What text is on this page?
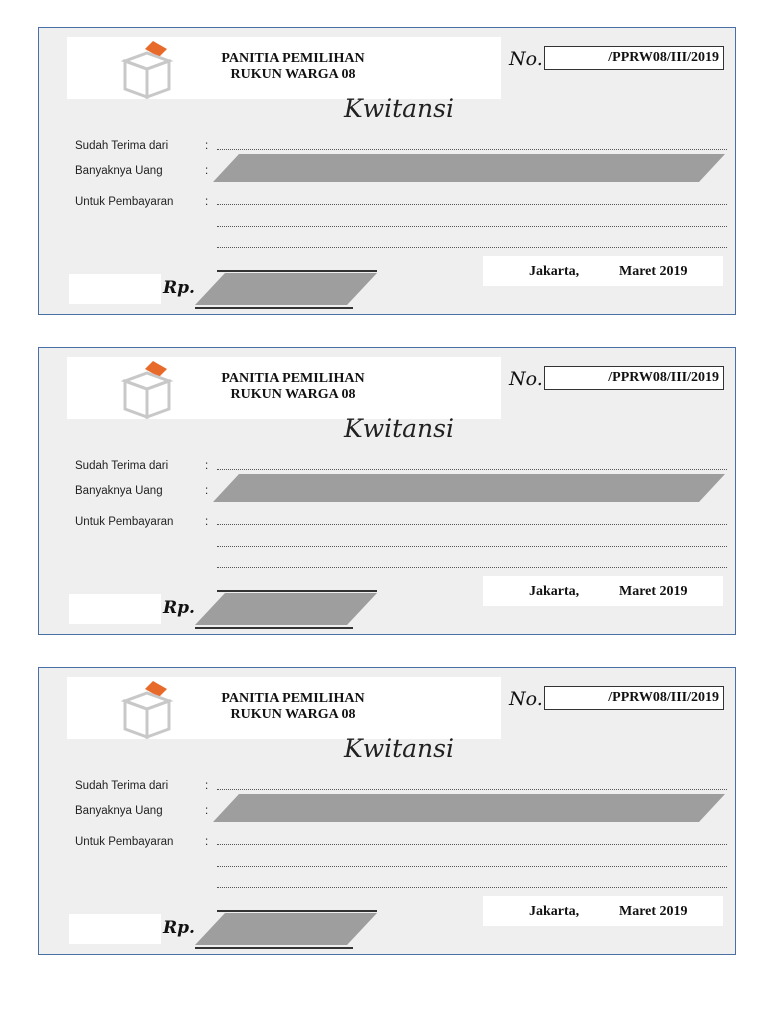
PANITIA PEMILIHAN
RUKUN WARGA 08
No.	/PPRW08/III/2019
Kwitansi
Sudah Terima dari	:
Banyaknya Uang	:
Untuk Pembayaran	:
Jakarta,	Maret 2019
Rp.
PANITIA PEMILIHAN
RUKUN WARGA 08
No.	/PPRW08/III/2019
Kwitansi
Sudah Terima dari	:
Banyaknya Uang	:
Untuk Pembayaran	:
Jakarta,	Maret 2019
Rp.
PANITIA PEMILIHAN
RUKUN WARGA 08
No.	/PPRW08/III/2019
Kwitansi
Sudah Terima dari	:
Banyaknya Uang	:
Untuk Pembayaran	:
Jakarta,	Maret 2019
Rp.
